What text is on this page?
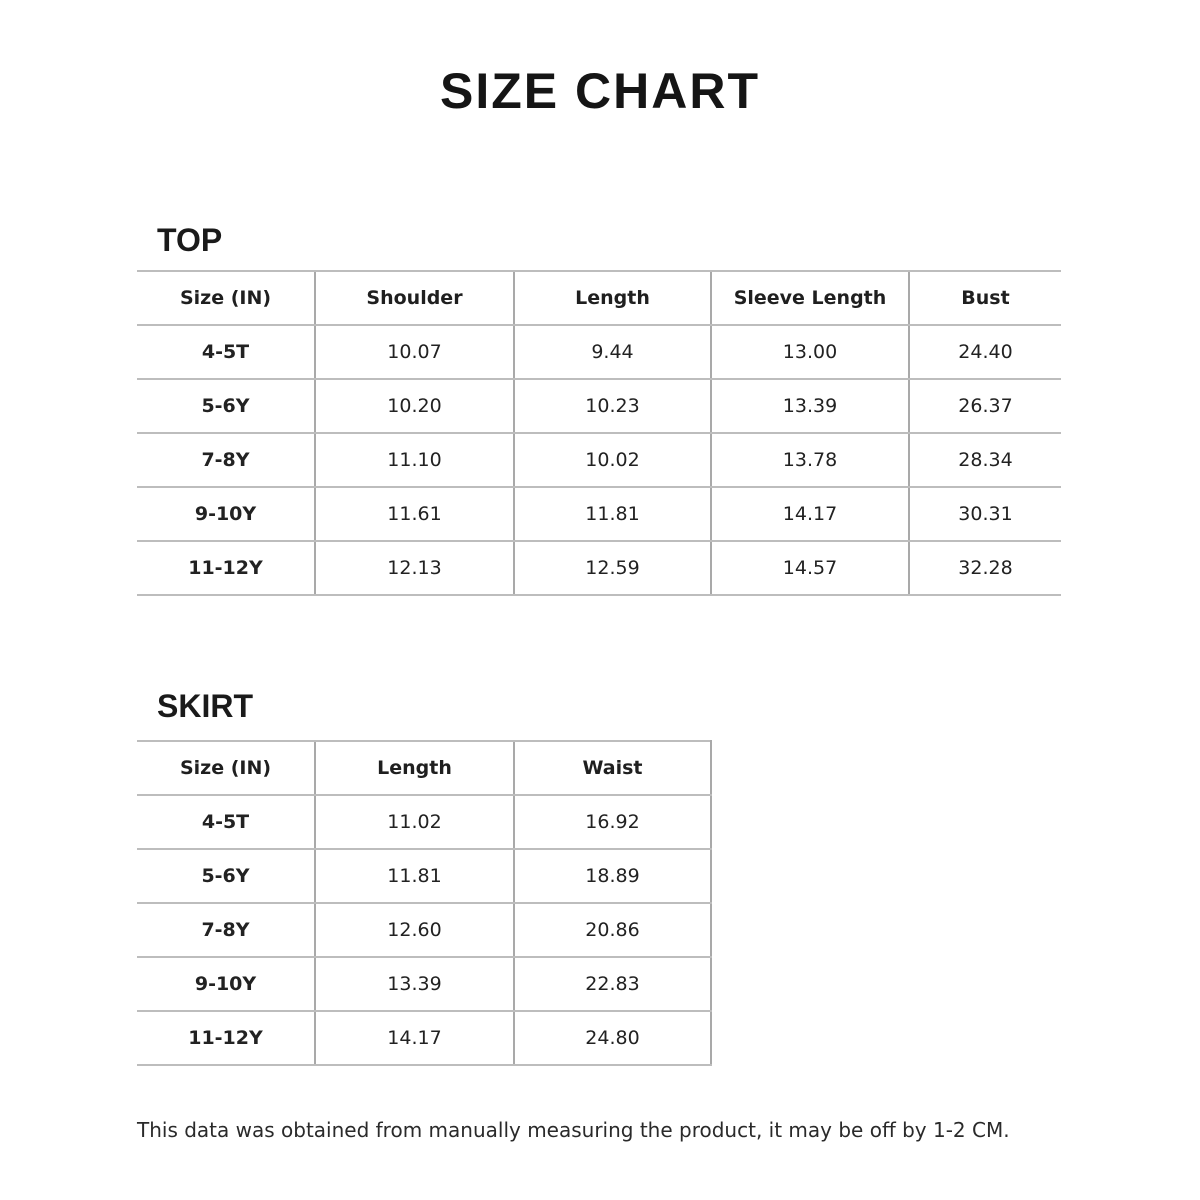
SIZE CHART
TOP
Size (IN)	Shoulder	Length	Sleeve Length	Bust
4-5T	10.07	9.44	13.00	24.40
5-6Y	10.20	10.23	13.39	26.37
7-8Y	11.10	10.02	13.78	28.34
9-10Y	11.61	11.81	14.17	30.31
11-12Y	12.13	12.59	14.57	32.28
SKIRT
Size (IN)	Length	Waist
4-5T	11.02	16.92
5-6Y	11.81	18.89
7-8Y	12.60	20.86
9-10Y	13.39	22.83
11-12Y	14.17	24.80

This data was obtained from manually measuring the product, it may be off by 1-2 CM.
